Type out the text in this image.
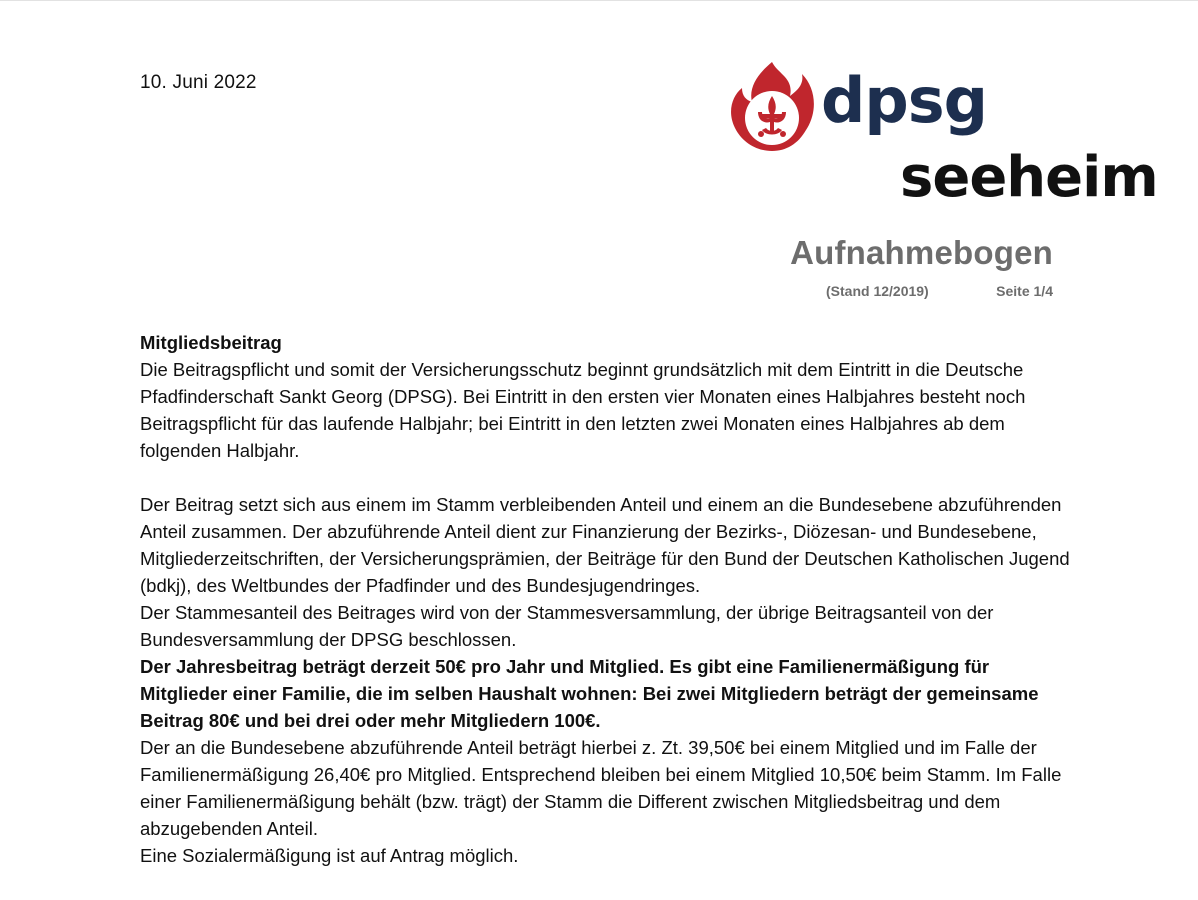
10. Juni 2022	dpsg
seeheim
Aufnahmebogen
(Stand 12/2019)	Seite 1/4

Mitgliedsbeitrag

Die Beitragspflicht und somit der Versicherungsschutz beginnt grundsätzlich mit dem Eintritt in die Deutsche Pfadfinderschaft Sankt Georg (DPSG). Bei Eintritt in den ersten vier Monaten eines Halbjahres besteht noch Beitragspflicht für das laufende Halbjahr; bei Eintritt in den letzten zwei Monaten eines Halbjahres ab dem folgenden Halbjahr.

Der Beitrag setzt sich aus einem im Stamm verbleibenden Anteil und einem an die Bundesebene abzuführenden Anteil zusammen. Der abzuführende Anteil dient zur Finanzierung der Bezirks-, Diözesan- und Bundesebene, Mitgliederzeitschriften, der Versicherungsprämien, der Beiträge für den Bund der Deutschen Katholischen Jugend (bdkj), des Weltbundes der Pfadfinder und des Bundesjugendringes.

Der Stammesanteil des Beitrages wird von der Stammesversammlung, der übrige Beitragsanteil von der Bundesversammlung der DPSG beschlossen.

Der Jahresbeitrag beträgt derzeit 50€ pro Jahr und Mitglied. Es gibt eine Familienermäßigung für Mitglieder einer Familie, die im selben Haushalt wohnen: Bei zwei Mitgliedern beträgt der gemeinsame Beitrag 80€ und bei drei oder mehr Mitgliedern 100€.

Der an die Bundesebene abzuführende Anteil beträgt hierbei z. Zt. 39,50€ bei einem Mitglied und im Falle der Familienermäßigung 26,40€ pro Mitglied. Entsprechend bleiben bei einem Mitglied 10,50€ beim Stamm. Im Falle einer Familienermäßigung behält (bzw. trägt) der Stamm die Different zwischen Mitgliedsbeitrag und dem abzugebenden Anteil.

Eine Sozialermäßigung ist auf Antrag möglich.
